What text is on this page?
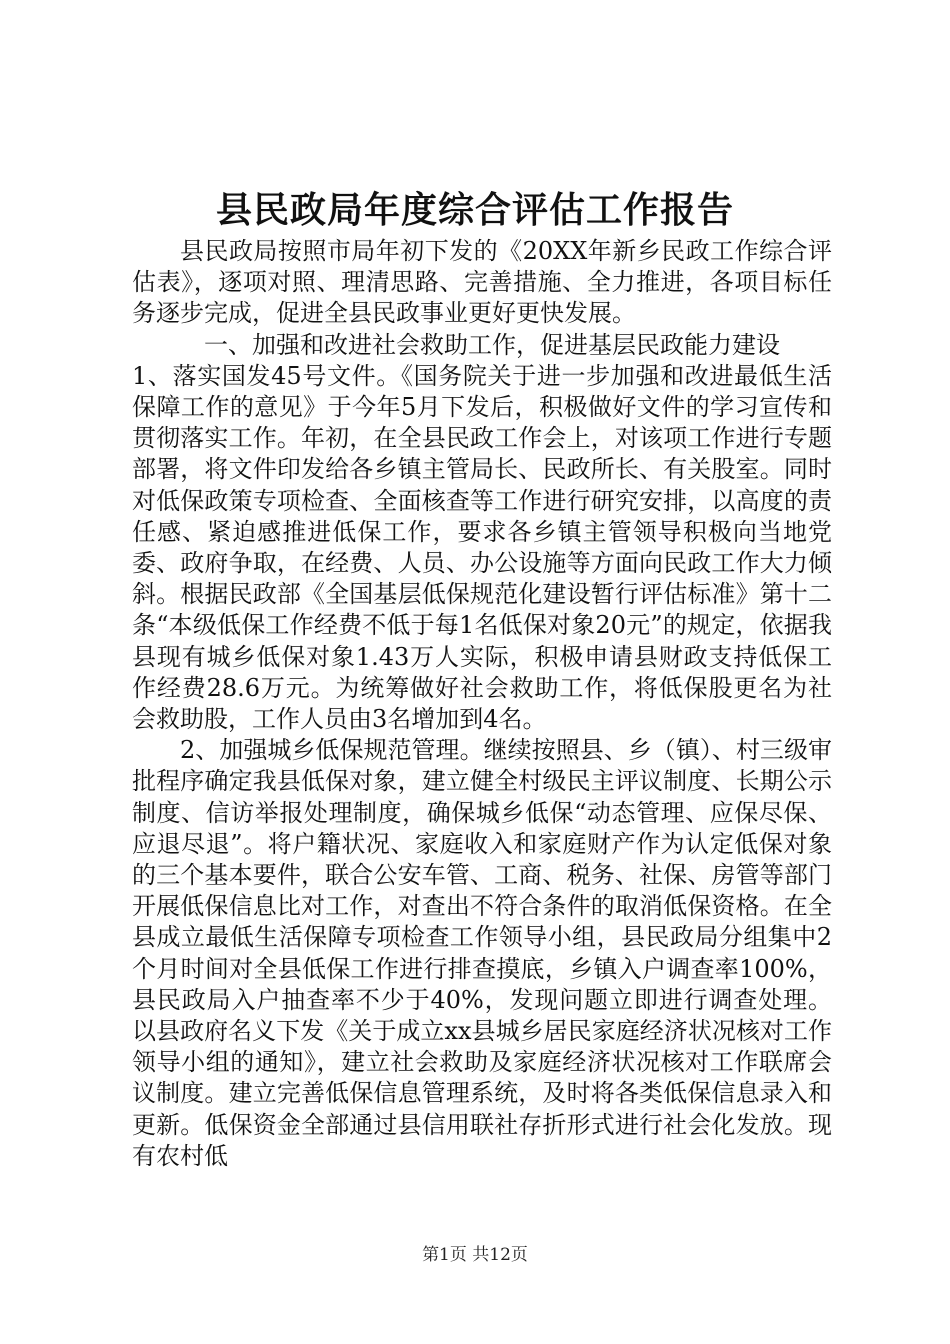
县民政局年度综合评估工作报告

县民政局按照市局年初下发的《20XX年新乡民政工作综合评估表》，逐项对照、理清思路、完善措施、全力推进，各项目标任务逐步完成，促进全县民政事业更好更快发展。

一、加强和改进社会救助工作，促进基层民政能力建设

1、落实国发45号文件。《国务院关于进一步加强和改进最低生活保障工作的意见》于今年5月下发后，积极做好文件的学习宣传和贯彻落实工作。年初，在全县民政工作会上，对该项工作进行专题部署，将文件印发给各乡镇主管局长、民政所长、有关股室。同时对低保政策专项检查、全面核查等工作进行研究安排，以高度的责任感、紧迫感推进低保工作，要求各乡镇主管领导积极向当地党委、政府争取，在经费、人员、办公设施等方面向民政工作大力倾斜。根据民政部《全国基层低保规范化建设暂行评估标准》第十二条“本级低保工作经费不低于每1名低保对象20元”的规定，依据我县现有城乡低保对象1.43万人实际，积极申请县财政支持低保工作经费28.6万元。为统筹做好社会救助工作，将低保股更名为社会救助股，工作人员由3名增加到4名。

2、加强城乡低保规范管理。继续按照县、乡（镇）、村三级审批程序确定我县低保对象，建立健全村级民主评议制度、长期公示制度、信访举报处理制度，确保城乡低保“动态管理、应保尽保、应退尽退”。将户籍状况、家庭收入和家庭财产作为认定低保对象的三个基本要件，联合公安车管、工商、税务、社保、房管等部门开展低保信息比对工作，对查出不符合条件的取消低保资格。在全县成立最低生活保障专项检查工作领导小组，县民政局分组集中2个月时间对全县低保工作进行排查摸底，乡镇入户调查率100%，县民政局入户抽查率不少于40%，发现问题立即进行调查处理。以县政府名义下发《关于成立xx县城乡居民家庭经济状况核对工作领导小组的通知》，建立社会救助及家庭经济状况核对工作联席会议制度。建立完善低保信息管理系统，及时将各类低保信息录入和更新。低保资金全部通过县信用联社存折形式进行社会化发放。现有农村低

第1页 共12页
